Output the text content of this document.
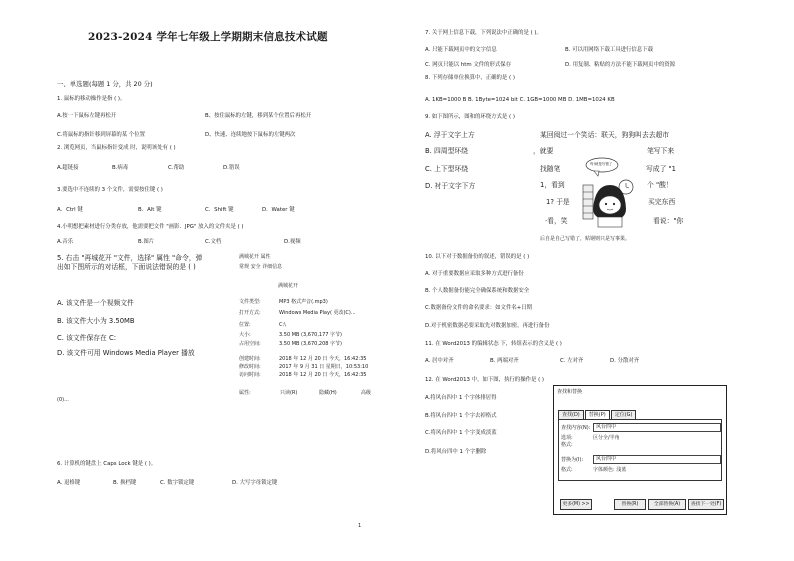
2023-2024 学年七年级上学期期末信息技术试题
一、单选题(每题 1 分，共 20 分)
1. 鼠标的移动操作是指 ( )。
A.按一下鼠标左键再松开	B、按住鼠标的左键，移到某个位置后再松开
C.将鼠标的指针移到屏幕的某 个位置	D、快速、连续地按下鼠标的左键两次
2. 浏览网页，当鼠标指针变成 时，说明该处有 ( )
A.超链接	B.病毒	C.帮助	D.错误
3.要选中不连续的 3 个文件，需要按住键 ( )
A．Ctrl 键	B．Alt 键	C．Shift 键	D．Water 键
4.小明想把素材进行分类存放，他需要把文件 "画影．JPG" 放入的文件夹是 ( )
A.音乐	B.图片	C.文档	D.视频
5. 右击 "再城花开 "文件，选择" 属性 "命令，弹
出如下图所示的对话框，下面说法错误的是 ( )
A. 该文件是一个视频文件
B. 该文件大小为 3.50MB
C. 该文件保存在 C:
D. 该文件可用 Windows Media Player 播放
(0)...
满城花开 属性
常规 安全 详细信息
满城花开
文件类型:	MP3 格式声音(.mp3)
打开方式:	Windows Media Play( 更改(C)...
位置:	C:\
大小:	3.50 MB (3,670,177 字节)
占用空间:	3.50 MB (3,670,208 字节)
创建时间:	2018 年 12 月 20 日 今天，16:42:35
修改时间:	2017 年 9 月 31 日 星期日，10:53:10
访问时间:	2018 年 12 月 20 日 今天，16:42:35
属性:	只读(R)	隐藏(H)	高级
6. 计算机的键盘上 Caps Lock 键是 ( )。
A. 退格键	B. 换档键	C. 数字锁定键	D. 大写字母锁定键
1
7. 关于网上信息下载，下列说法中正确的是 ( )。
A. 只能下载网页中的文字信息	B. 可以用网络下载工具进行信息下载
C. 网页只能以 htm 文件的形式保存	D. 用复制、粘贴的方法不能下载网页中的资源
8. 下列存储单位换算中，正确的是 ( )
A. 1KB=1000 B B. 1Byte=1024 bit C. 1GB=1000 MB D. 1MB=1024 KB
9. 如下图所示，图和的环绕方式是 ( )
A. 浮于文字上方
B. 四周型环绕
C. 上下型环绕
D. 衬于文字下方
某回阅过一个笑话：联天，狗狗叫去去超市
，就要	笔写下来
找随笔	写成了 "1
1，看到	个 "酸！
1? 于是	买完东西
·看，笑	看说："你
后自是自己写错了，贴钢则只是写事果。
每!就是写错了
10. 以下对于数据备份的叙述，错误的是 ( )
A. 对于重要数据应采取多种方式进行备份
B. 个人数据备份能完全确保系统和数据安全
C.数据备份文件的命名要求：如文件名+日期
D.对于机密数据必要采取先对数据加密，再进行备份
11. 在 Word2013 的编辑状态 下，转组表示的含义是 ( )
A. 居中对齐	B. 两端对齐	C. 左对齐	D. 分散对齐
12. 在 Word2013 中，如下图，执行的操作是 ( )
A.将风台四中 1 个字体排居得
B.将风台四中 1 个字去掉格式
C.将风台四中 1 个字变成淡蓝
D.将风台四中 1 个字删除
查找和替换
查找(D)	替换(P)	定位(G)
查找内容(N):	风台四中
选项:	区分全/半角
格式:
替换为(I):	风台四中
格式:	字体颜色: 浅蓝
更多(M) >>	替换(R)	全部替换(A)	查找下一处(F)
